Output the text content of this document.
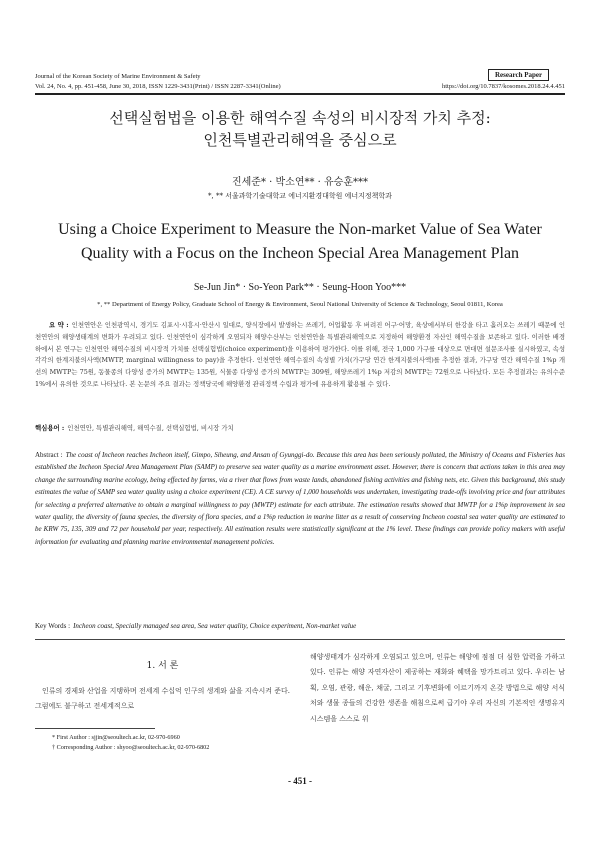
Journal of the Korean Society of Marine Environment & Safety	Research Paper
Vol. 24, No. 4, pp. 451-458, June 30, 2018, ISSN 1229-3431(Print) / ISSN 2287-3341(Online)	https://doi.org/10.7837/kosomes.2018.24.4.451
선택실험법을 이용한 해역수질 속성의 비시장적 가치 추정:
인천특별관리해역을 중심으로
진세준* · 박소연** · 유승훈***
*, ** 서울과학기술대학교 에너지환경대학원 에너지정책학과
Using a Choice Experiment to Measure the Non-market Value of Sea Water
Quality with a Focus on the Incheon Special Area Management Plan
Se-Jun Jin* · So-Yeon Park** · Seung-Hoon Yoo***
*, ** Department of Energy Policy, Graduate School of Energy & Environment, Seoul National University of Science & Technology, Seoul 01811, Korea
요 약 : 인천연안은 인천광역시, 경기도 김포시·시흥시·안산시 일대로, 양식장에서 발생하는 쓰레기, 어업활동 후 버려진 어구·어망, 육상에서부터 한강을 타고 흘러오는 쓰레기 때문에 인천연안의 해양생태계의 변화가 우려되고 있다. 인천연안이 심각하게 오염되자 해양수산부는 인천연안을 특별관리해역으로 지정하여 해양환경 자산인 해역수질을 보존하고 있다. 이러한 배경 하에서 본 연구는 인천연안 해역수질의 비시장적 가치를 선택실험법(choice experiment)을 이용하여 평가한다. 이를 위해, 전국 1,000 가구를 대상으로 면대면 설문조사를 실시하였고, 속성 각각의 한계지불의사액(MWTP, marginal willingness to pay)을 추정한다. 인천연안 해역수질의 속성별 가치(가구당 연간 한계지불의사액)를 추정한 결과, 가구당 연간 해역수질 1%p 개선의 MWTP는 75원, 동물종의 다양성 증가의 MWTP는 135원, 식물종 다양성 증가의 MWTP는 309원, 해양쓰레기 1%p 저감의 MWTP는 72원으로 나타났다. 모든 추정결과는 유의수준 1%에서 유의한 것으로 나타났다. 본 논문의 주요 결과는 정책당국에 해양환경 관리정책 수립과 평가에 유용하게 활용될 수 있다.
핵심용어 : 인천연안, 특별관리해역, 해역수질, 선택실험법, 비시장 가치
Abstract : The coast of Incheon reaches Incheon itself, Gimpo, Siheung, and Ansan of Gyunggi-do. Because this area has been seriously polluted, the Ministry of Oceans and Fisheries has established the Incheon Special Area Management Plan (SAMP) to preserve sea water quality as a marine environment asset. However, there is concern that actions taken in this area may change the surrounding marine ecology, being effected by farms, via a river that flows from waste lands, abandoned fishing activities and fishing nets, etc. Given this background, this study estimates the value of SAMP sea water quality using a choice experiment (CE). A CE survey of 1,000 households was undertaken, investigating trade-offs involving price and four attributes for selecting a preferred alternative to obtain a marginal willingness to pay (MWTP) estimate for each attribute. The estimation results showed that MWTP for a 1%p improvement in sea water quality, the diversity of fauna species, the diversity of flora species, and a 1%p reduction in marine litter as a result of conserving Incheon coastal sea water quality are estimated to be KRW 75, 135, 309 and 72 per household per year, respectively. All estimation results were statistically significant at the 1% level. These findings can provide policy makers with useful information for evaluating and planning marine environmental management policies.
Key Words : Incheon coast, Specially managed sea area, Sea water quality, Choice experiment, Non-market value
1. 서 론
인류의 경제와 산업을 지탱하며 전세계 수십억 인구의 생계와 삶을 지속시켜 준다. 그럼에도 불구하고 전세계적으로
해양생태계가 심각하게 오염되고 있으며, 인류는 해양에 점점 더 심한 압력을 가하고 있다. 인류는 해양 자연자산이 제공하는 재화와 혜택을 망가트리고 있다. 우리는 남획, 오염, 관광, 해운, 채굴, 그리고 기후변화에 이르기까지 온갖 방법으로 해양 서식처와 생물 종들의 건강한 생존을 해침으로써 급기야 우리 자신의 기본적인 생명유지 시스템을 스스로 위
* First Author : sjjin@seoultech.ac.kr, 02-970-6960
† Corresponding Author : shyoo@seoultech.ac.kr, 02-970-6802
- 451 -
